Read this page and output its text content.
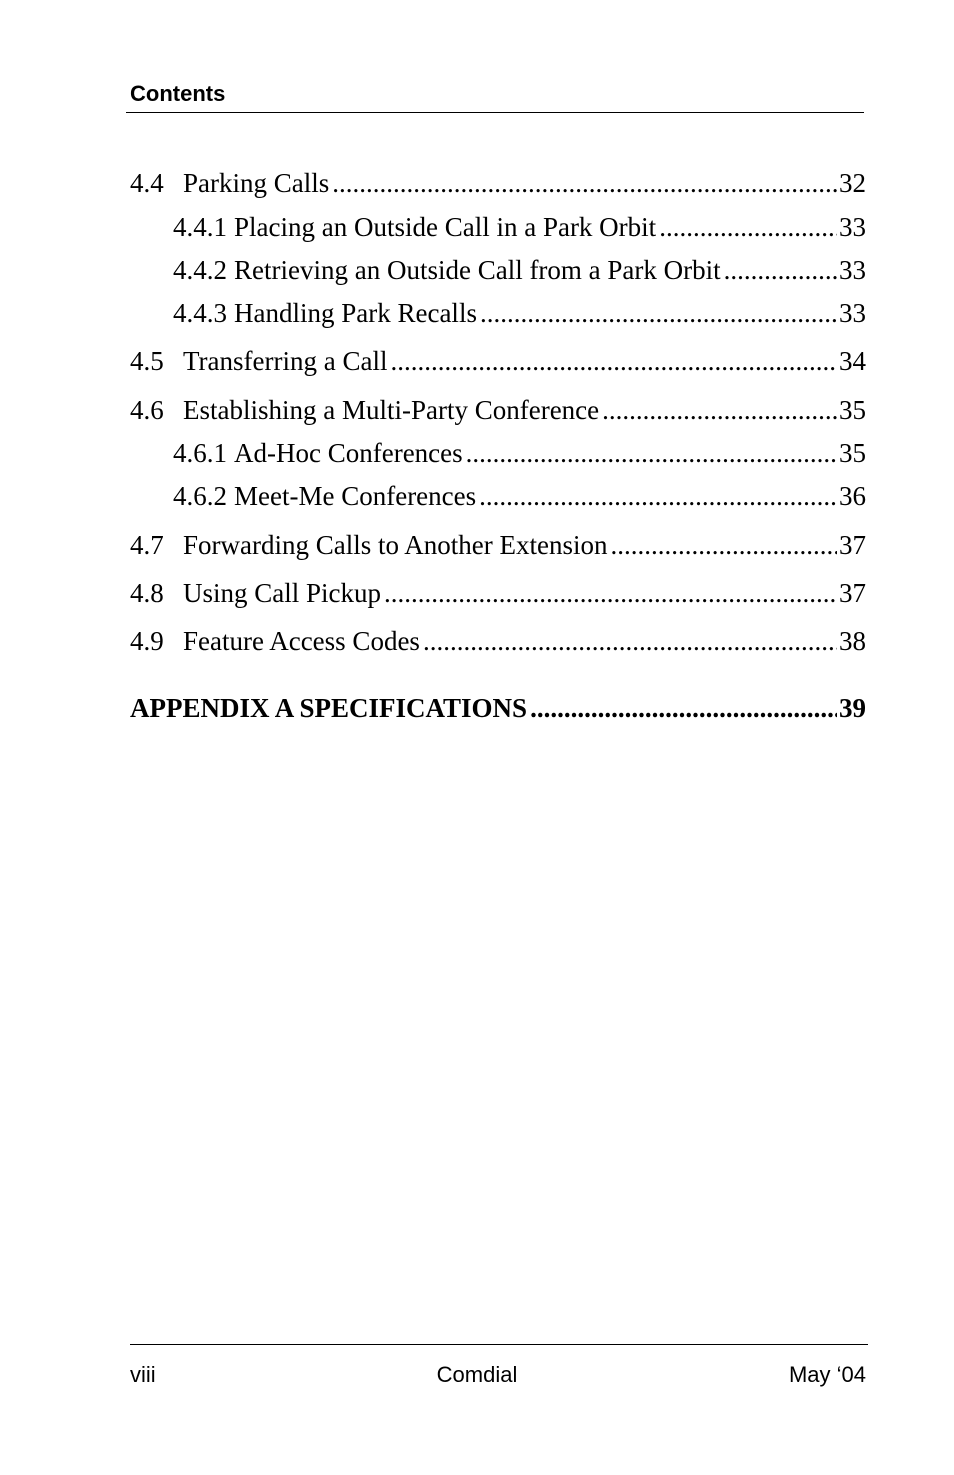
Contents
4.4 Parking Calls .....	32
4.4.1 Placing an Outside Call in a Park Orbit .....	33
4.4.2 Retrieving an Outside Call from a Park Orbit .....	33
4.4.3 Handling Park Recalls .....	33
4.5 Transferring a Call .....	34
4.6 Establishing a Multi-Party Conference .....	35
4.6.1 Ad-Hoc Conferences .....	35
4.6.2 Meet-Me Conferences .....	36
4.7 Forwarding Calls to Another Extension .....	37
4.8 Using Call Pickup .....	37
4.9 Feature Access Codes .....	38
APPENDIX A SPECIFICATIONS .....	39
viii	Comdial	May ‘04
